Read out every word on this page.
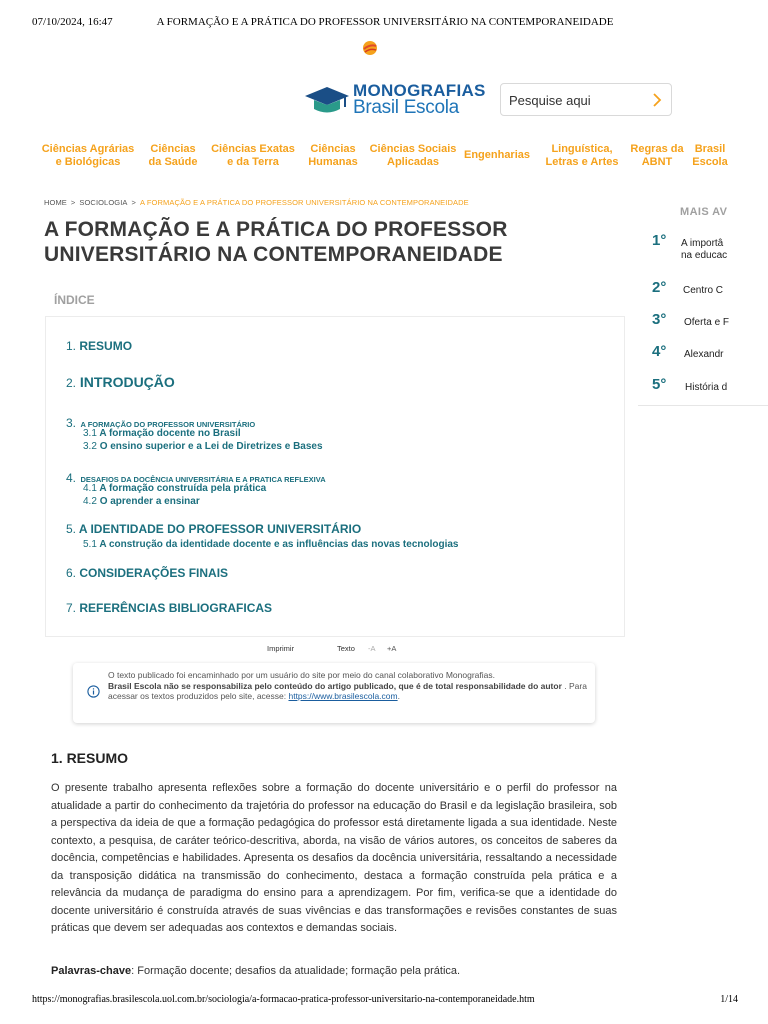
07/10/2024, 16:47	A FORMAÇÃO E A PRÁTICA DO PROFESSOR UNIVERSITÁRIO NA CONTEMPORANEIDADE
MONOGRAFIAS
Brasil Escola
Pesquise aqui
Ciências Agrárias
e Biológicas
Ciências
da Saúde
Ciências Exatas
e da Terra
Ciências
Humanas
Ciências Sociais
Aplicadas
Engenharias	Linguística,
Letras e Artes
Regras da
ABNT
Brasil
Escola
HOME > SOCIOLOGIA > A FORMAÇÃO E A PRÁTICA DO PROFESSOR UNIVERSITÁRIO NA CONTEMPORANEIDADE
A FORMAÇÃO E A PRÁTICA DO PROFESSOR
UNIVERSITÁRIO NA CONTEMPORANEIDADE
ÍNDICE
1. RESUMO
2. INTRODUÇÃO
3. A FORMAÇÃO DO PROFESSOR UNIVERSITÁRIO
3.1 A formação docente no Brasil
3.2 O ensino superior e a Lei de Diretrizes e Bases
4. DESAFIOS DA DOCÊNCIA UNIVERSITÁRIA E A PRATICA REFLEXIVA
4.1 A formação construída pela prática
4.2 O aprender a ensinar
5. A IDENTIDADE DO PROFESSOR UNIVERSITÁRIO
5.1 A construção da identidade docente e as influências das novas tecnologias
6. CONSIDERAÇÕES FINAIS
7. REFERÊNCIAS BIBLIOGRAFICAS
Imprimir	Texto -A +A
O texto publicado foi encaminhado por um usuário do site por meio do canal colaborativo Monografias.
Brasil Escola não se responsabiliza pelo conteúdo do artigo publicado, que é de total responsabilidade do autor . Para acessar os textos produzidos pelo site, acesse: https://www.brasilescola.com.
1. RESUMO

O presente trabalho apresenta reflexões sobre a formação do docente universitário e o perfil do professor na atualidade a partir do conhecimento da trajetória do professor na educação do Brasil e da legislação brasileira, sob a perspectiva da ideia de que a formação pedagógica do professor está diretamente ligada a sua identidade. Neste contexto, a pesquisa, de caráter teórico-descritiva, aborda, na visão de vários autores, os conceitos de saberes da docência, competências e habilidades. Apresenta os desafios da docência universitária, ressaltando a necessidade da transposição didática na transmissão do conhecimento, destaca a formação construída pela prática e a relevância da mudança de paradigma do ensino para a aprendizagem. Por fim, verifica-se que a identidade do docente universitário é construída através de suas vivências e das transformações e revisões constantes de suas práticas que devem ser adequadas aos contextos e demandas sociais.

Palavras-chave: Formação docente; desafios da atualidade; formação pela prática.

MAIS AV
1° A importâ
na educac
2° Centro C
3° Oferta e F
4° Alexandr
5° História d
https://monografias.brasilescola.uol.com.br/sociologia/a-formacao-pratica-professor-universitario-na-contemporaneidade.htm	1/14
